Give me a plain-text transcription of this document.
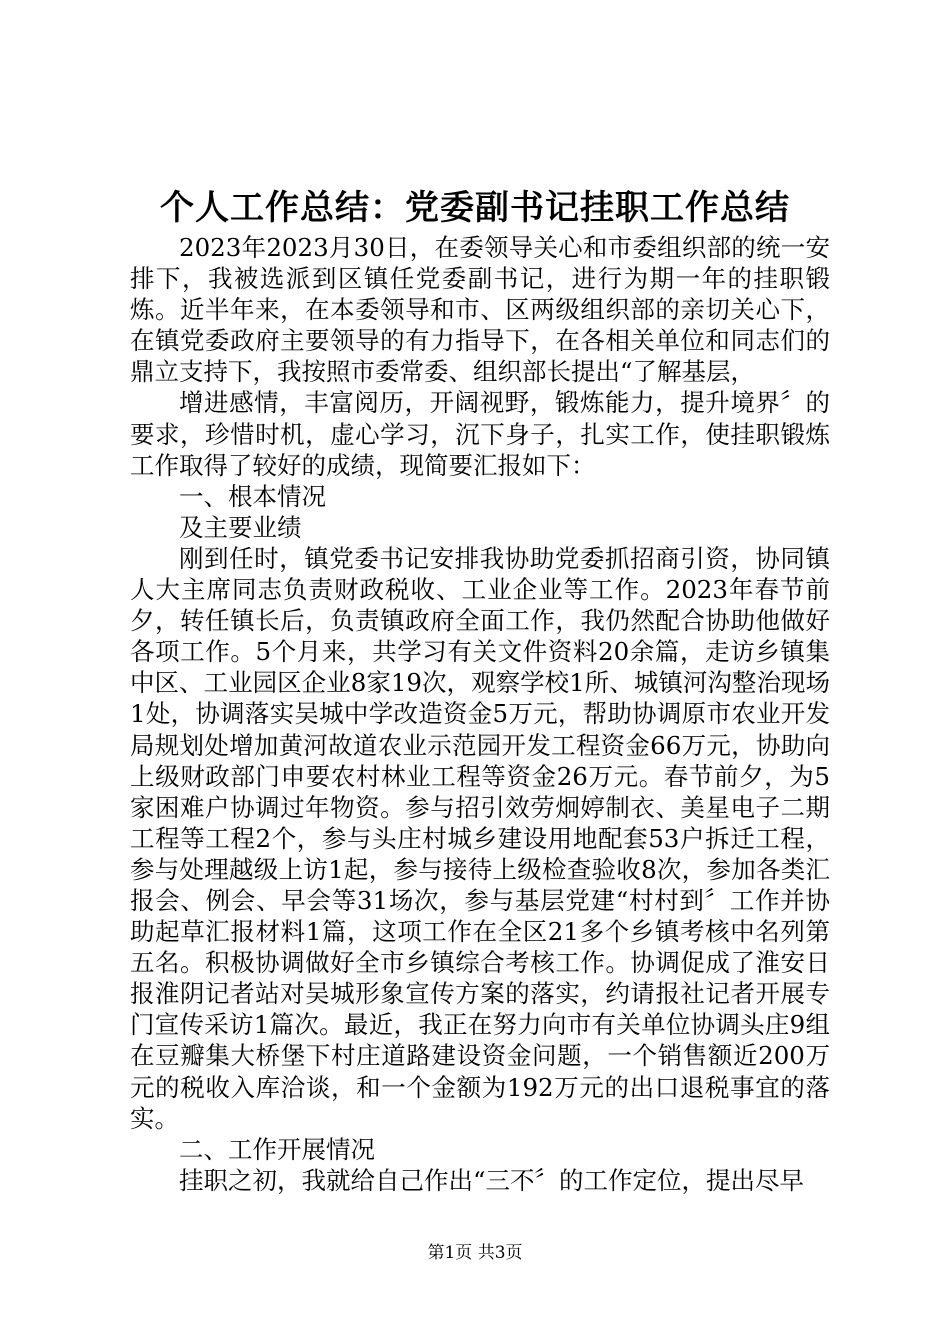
个人工作总结：党委副书记挂职工作总结

2023年2023月30日，在委领导关心和市委组织部的统一安排下，我被选派到区镇任党委副书记，进行为期一年的挂职锻炼。近半年来，在本委领导和市、区两级组织部的亲切关心下，在镇党委政府主要领导的有力指导下，在各相关单位和同志们的鼎立支持下，我按照市委常委、组织部长提出“了解基层，

增进感情，丰富阅历，开阔视野，锻炼能力，提升境界〞的要求，珍惜时机，虚心学习，沉下身子，扎实工作，使挂职锻炼工作取得了较好的成绩，现简要汇报如下：

一、根本情况

及主要业绩

刚到任时，镇党委书记安排我协助党委抓招商引资，协同镇人大主席同志负责财政税收、工业企业等工作。2023年春节前夕，转任镇长后，负责镇政府全面工作，我仍然配合协助他做好各项工作。5个月来，共学习有关文件资料20余篇，走访乡镇集中区、工业园区企业8家19次，观察学校1所、城镇河沟整治现场1处，协调落实吴城中学改造资金5万元，帮助协调原市农业开发局规划处增加黄河故道农业示范园开发工程资金66万元，协助向上级财政部门申要农村林业工程等资金26万元。春节前夕，为5家困难户协调过年物资。参与招引效劳炯婷制衣、美星电子二期工程等工程2个，参与头庄村城乡建设用地配套53户拆迁工程，参与处理越级上访1起，参与接待上级检查验收8次，参加各类汇报会、例会、早会等31场次，参与基层党建“村村到〞工作并协助起草汇报材料1篇，这项工作在全区21多个乡镇考核中名列第五名。积极协调做好全市乡镇综合考核工作。协调促成了淮安日报淮阴记者站对吴城形象宣传方案的落实，约请报社记者开展专门宣传采访1篇次。最近，我正在努力向市有关单位协调头庄9组在豆瓣集大桥堡下村庄道路建设资金问题，一个销售额近200万元的税收入库洽谈，和一个金额为192万元的出口退税事宜的落实。

二、工作开展情况

挂职之初，我就给自己作出“三不〞的工作定位，提出尽早

第1页 共3页
